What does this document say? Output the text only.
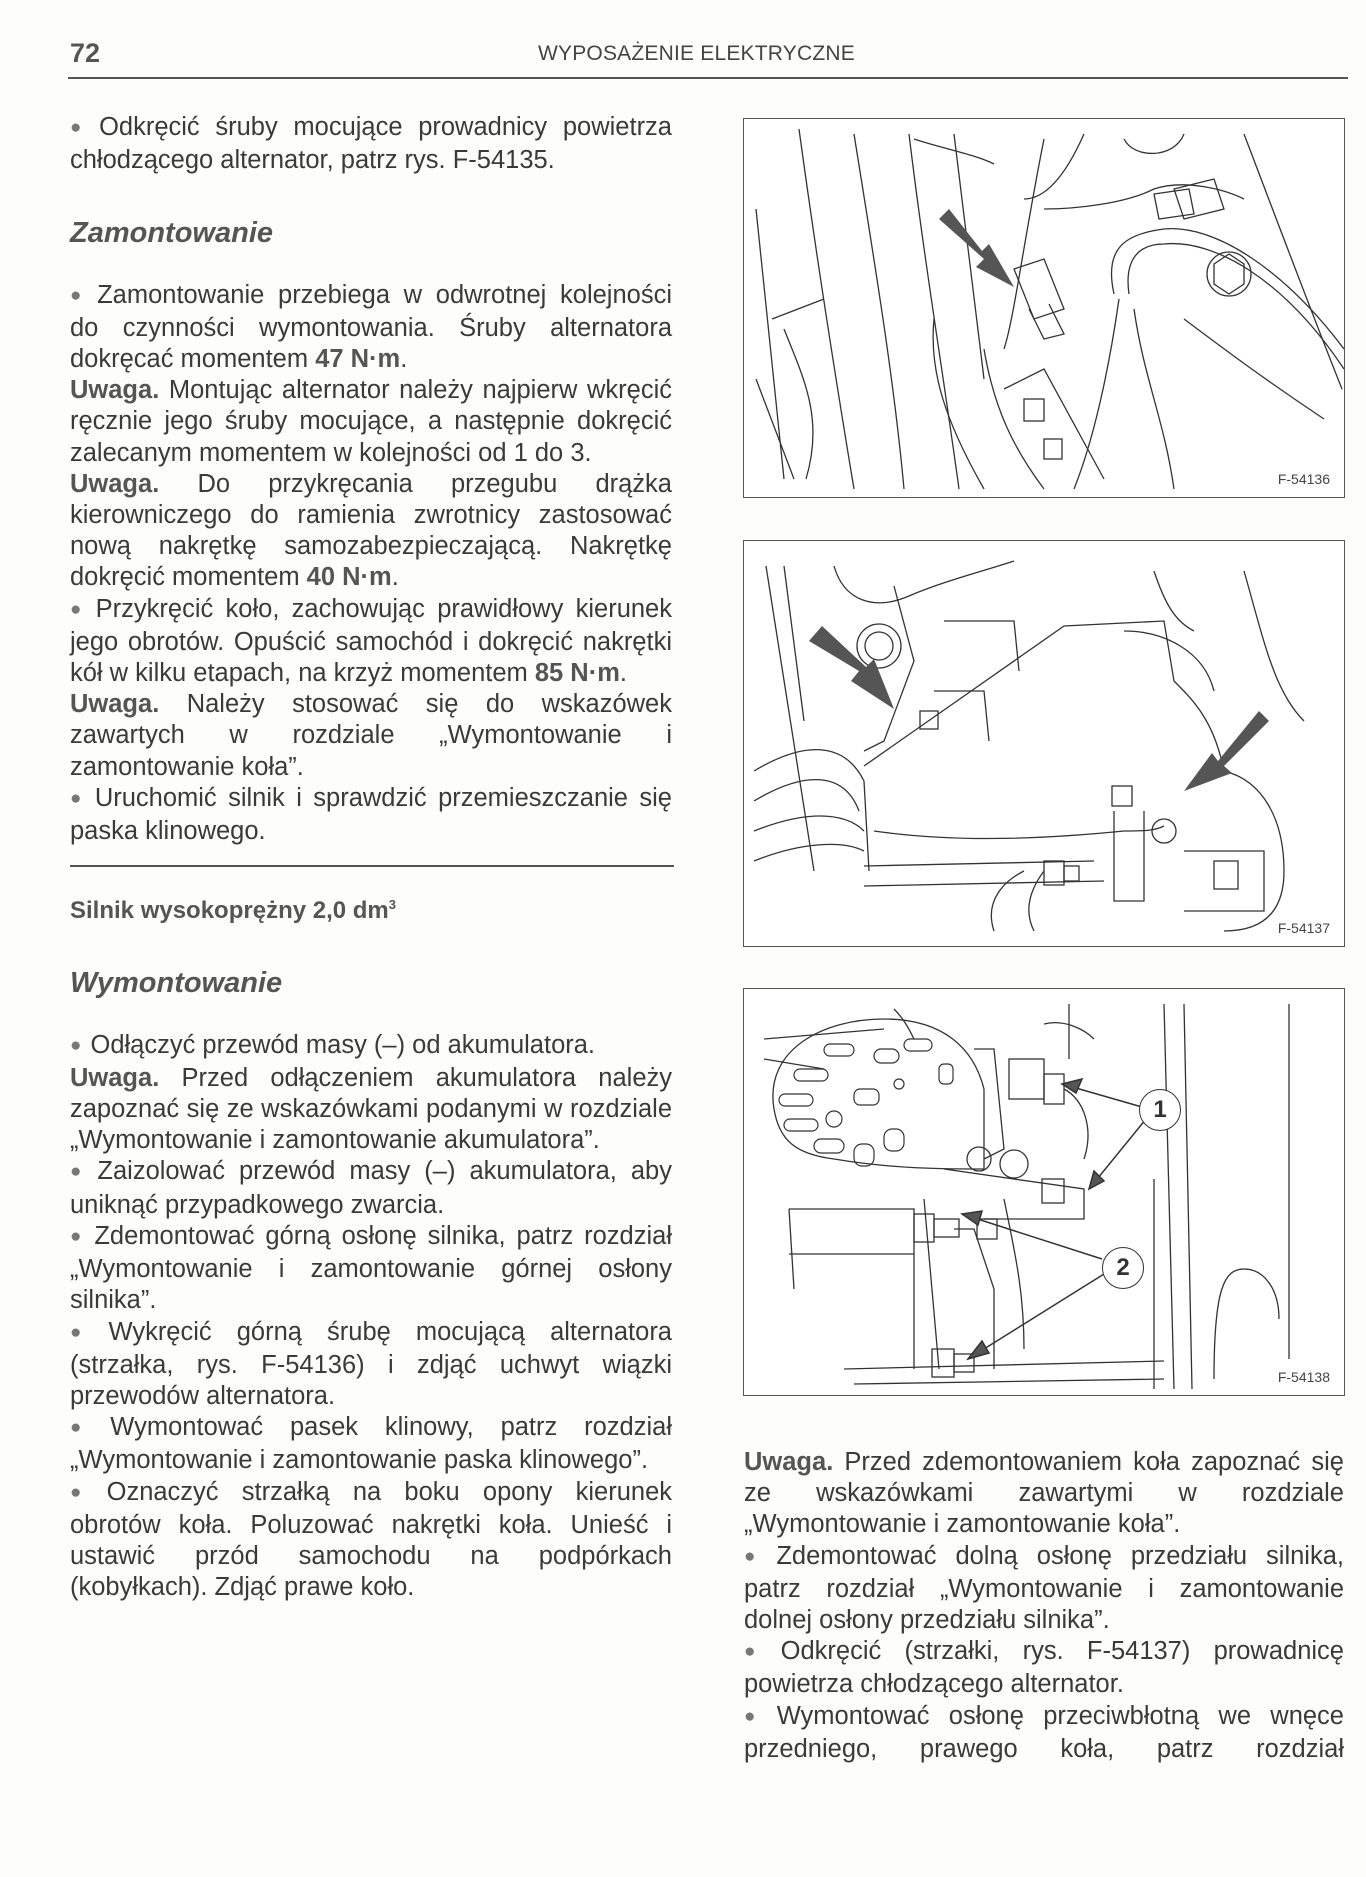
72	WYPOSAŻENIE ELEKTRYCZNE

● Odkręcić śruby mocujące prowadnicy powietrza chłodzącego alternator, patrz rys. F-54135.

Zamontowanie

● Zamontowanie przebiega w odwrotnej kolejności do czynności wymontowania. Śruby alternatora dokręcać momentem 47 N·m.

Uwaga. Montując alternator należy najpierw wkręcić ręcznie jego śruby mocujące, a następnie dokręcić zalecanym momentem w kolejności od 1 do 3.

Uwaga. Do przykręcania przegubu drążka kierowniczego do ramienia zwrotnicy zastosować nową nakrętkę samozabezpieczającą. Nakrętkę dokręcić momentem 40 N·m.

● Przykręcić koło, zachowując prawidłowy kierunek jego obrotów. Opuścić samochód i dokręcić nakrętki kół w kilku etapach, na krzyż momentem 85 N·m.

Uwaga. Należy stosować się do wskazówek zawartych w rozdziale „Wymontowanie i zamontowanie koła”.

● Uruchomić silnik i sprawdzić przemieszczanie się paska klinowego.

Silnik wysokoprężny 2,0 $dm^3$
Wymontowanie

● Odłączyć przewód masy (–) od akumulatora.

Uwaga. Przed odłączeniem akumulatora należy zapoznać się ze wskazówkami podanymi w rozdziale „Wymontowanie i zamontowanie akumulatora”.

● Zaizolować przewód masy (–) akumulatora, aby uniknąć przypadkowego zwarcia.

● Zdemontować górną osłonę silnika, patrz rozdział „Wymontowanie i zamontowanie górnej osłony silnika”.

● Wykręcić górną śrubę mocującą alternatora (strzałka, rys. F-54136) i zdjąć uchwyt wiązki przewodów alternatora.

● Wymontować pasek klinowy, patrz rozdział „Wymontowanie i zamontowanie paska klinowego”.

● Oznaczyć strzałką na boku opony kierunek obrotów koła. Poluzować nakrętki koła. Unieść i ustawić przód samochodu na podpórkach (kobyłkach). Zdjąć prawe koło.

F-54136
F-54137
1
2
F-54138

Uwaga. Przed zdemontowaniem koła zapoznać się ze wskazówkami zawartymi w rozdziale „Wymontowanie i zamontowanie koła”.

● Zdemontować dolną osłonę przedziału silnika, patrz rozdział „Wymontowanie i zamontowanie dolnej osłony przedziału silnika”.

● Odkręcić (strzałki, rys. F-54137) prowadnicę powietrza chłodzącego alternator.

● Wymontować osłonę przeciwbłotną we wnęce przedniego, prawego koła, patrz rozdział
